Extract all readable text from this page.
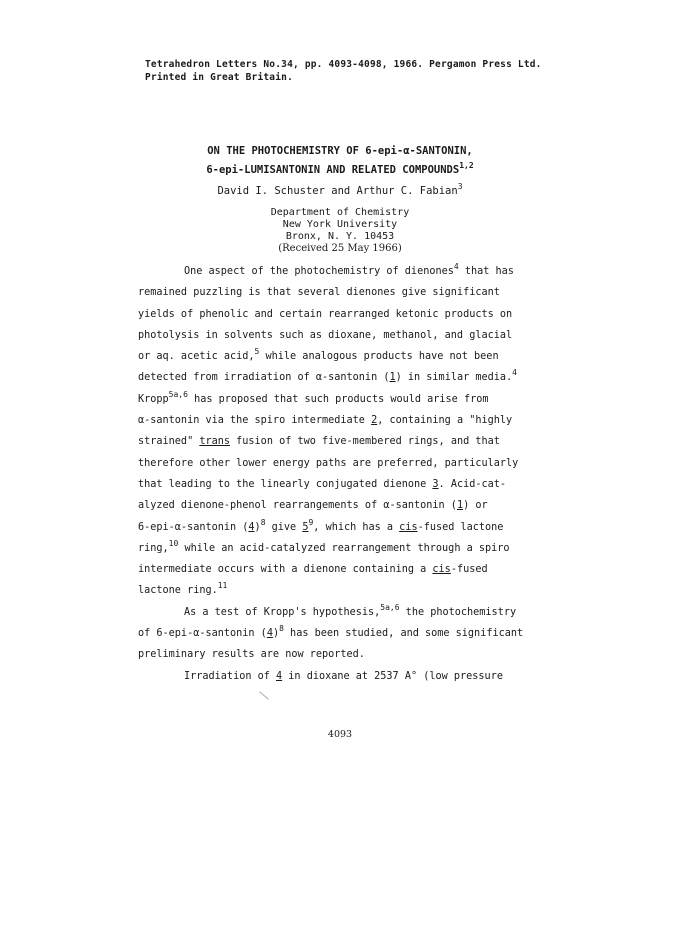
Tetrahedron Letters No.34, pp. 4093-4098, 1966. Pergamon Press Ltd.
Printed in Great Britain.
ON THE PHOTOCHEMISTRY OF 6-epi-α-SANTONIN,
6-epi-LUMISANTONIN AND RELATED COMPOUNDS$^{1,2}$
David I. Schuster and Arthur C. Fabian$^3$
Department of Chemistry
New York University
Bronx, N. Y. 10453
(Received 25 May 1966)

One aspect of the photochemistry of dienones$^4$ that has

remained puzzling is that several dienones give significant

yields of phenolic and certain rearranged ketonic products on

photolysis in solvents such as dioxane, methanol, and glacial

or aq. acetic acid,$^5$ while analogous products have not been

detected from irradiation of α-santonin (1) in similar media.$^4$

Kropp$^{5a,6}$ has proposed that such products would arise from

α-santonin via the spiro intermediate 2, containing a "highly

strained" trans fusion of two five-membered rings, and that

therefore other lower energy paths are preferred, particularly

that leading to the linearly conjugated dienone 3. Acid-cat-

alyzed dienone-phenol rearrangements of α-santonin (1) or

6-epi-α-santonin $(4)^8$ give $5^9$, which has a cis-fused lactone

ring,$^{10}$ while an acid-catalyzed rearrangement through a spiro

intermediate occurs with a dienone containing a cis-fused

lactone ring.$^{11}$

As a test of Kropp's hypothesis,$^{5a,6}$ the photochemistry

of 6-epi-α-santonin $(4)^8$ has been studied, and some significant

preliminary results are now reported.

Irradiation of 4 in dioxane at 2537 A° (low pressure

4093
